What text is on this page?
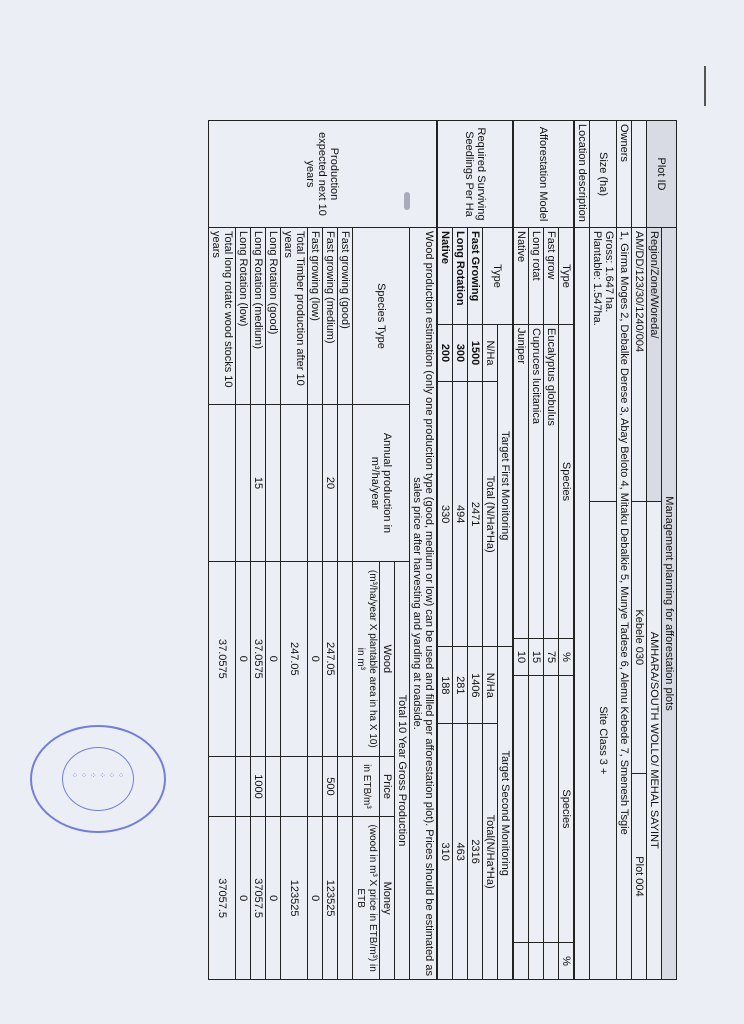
Plot ID	Management planning for afforestation plots		
	Region/Zone/Woreda/	AMHARA/SOUTH WOLLO/ MEHAL SAYINT	
	AM/DD/123/30/1240/004	Kebele 030	Plot 004
Owners	1, Girma Moges 2, Debalke Derese 3, Abay Beloto 4, Mitaku Debalkie 5, Munye Tadese 6, Alemu Kebede 7, Smenesh Tsgie		
Size (ha)	Gross: 1.647 ha.
Plantable: 1.547ha.	Site Class 3 +	
Location description			
Afforestation Model	Type	Species	%	Species	%
	Fast grow	Eucalyptus globulus	75		
	Long rotat	Cupruces lucitanica	15		
	Native	Juniper	10		
Required Surviving Seedlings Per Ha	Type	Target First Monitoring		Target Second Monitoring	
		N/Ha	Total (N/Ha*Ha)	N/Ha	Total(N/Ha*Ha)
	Fast Growing	1500	2471	1406	2316
	Long Rotation	300	494	281	463
	Native	200	330	188	310
Production expected next 10 years	Wood production estimation (only one production type (good, medium or low) can be used and filled per afforestation plot). Prices should be estimated as sales price after harvesting and yarding at roadside.				
	Species Type	Annual production in m³/ha/year	Total 10 Year Gross Production		
			Wood	Price	Money
			(m³/ha/year X plantable area in ha X 10) in m³	in ETB/m³	(wood in m³ X price in ETB/m³) in ETB
	Fast growing (good)				
	Fast growing (medium)	20	247.05	500	123525
	Fast growing (low)		0		0
	Total Timber production after 10 years		247.05		123525
	Long Rotation (good)		0		0
	Long Rotation (medium)	15	37.0575	1000	37057.5
	Long Rotation (low)		0		0
	Total long rotatc wood stocks 10 years		37.0575		37057.5
⁘ ⁘ ⁘ ⁘ ⁘ ⁘
